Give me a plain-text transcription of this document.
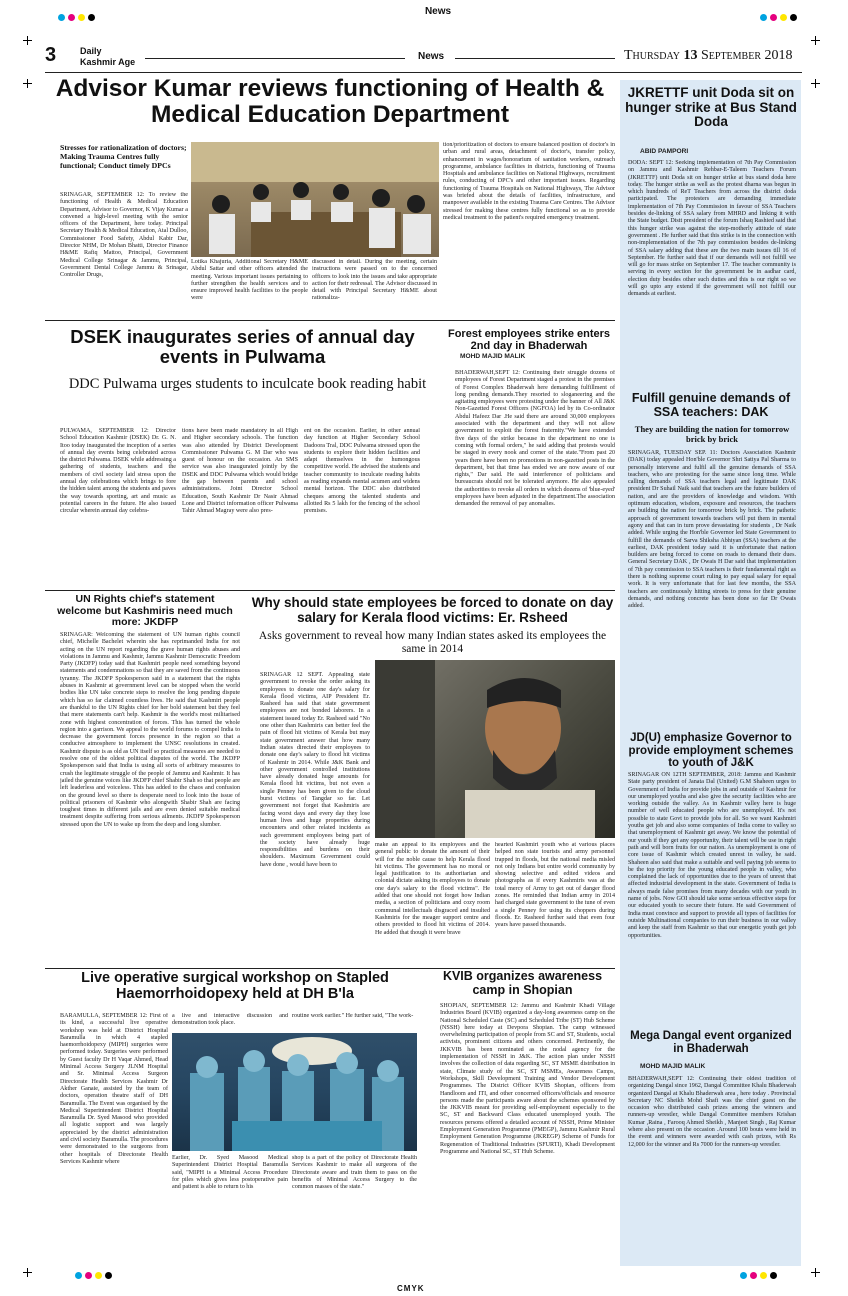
News
3	Daily
Kashmir Age	News	Thursday 13 September 2018
Advisor Kumar reviews functioning of Health & Medical Education Department
Stresses for rationalization of doctors; Making Trauma Centres fully functional; Conduct timely DPCs
SRINAGAR, SEPTEMBER 12: To review the functioning of Health & Medical Education Department, Advisor to Governor, K Vijay Kumar a convened a high-level meeting with the senior officers of the Department, here today. Principal Secretary Health & Medical Education, Atal Dulloo, Commissioner Food Safety, Abdul Kabir Dar, Director NHM, Dr Mohan Bhatti, Director Finance H&ME Rafiq Mattoo, Principal, Government Medical College Srinagar & Jammu, Principal, Government Dental College Jammu & Srinagar, Controller Drugs,
Lotika Khajuria, Additional Secretary H&ME Abdul Sattar and other officers attended the meeting. Various important issues pertaining to further strengthen the health services and to ensure improved health facilities to the people were
discussed in detail. During the meeting, certain instructions were passed on to the concerned officers to look into the issues and take appropriate action for their redressal. The Advisor discussed in detail with Principal Secretary H&ME about rationaliza-
tion/prioritization of doctors to ensure balanced position of doctor's in urban and rural areas, detachment of doctor's, transfer policy, enhancement in wages/honorarium of sanitation workers, outreach programme, ambulance facilities in districts, functioning of Trauma Hospitals and ambulance facilities on National Highways, recruitment rules, conducting of DPC's and other important issues. Regarding functioning of Trauma Hospitals on National Highways, The Advisor was briefed about the details of facilities, infrastructure, and manpower available in the existing Trauma Care Centres. The Advisor stressed for making these centres fully functional so as to provide medical treatment to the patient's required emergency treatment.
DSEK inaugurates series of annual day events in Pulwama
DDC Pulwama urges students to inculcate book reading habit
PULWAMA, SEPTEMBER 12: Director School Education Kashmir (DSEK) Dr. G. N. Itoo today inaugurated the inception of a series of annual day events being celebrated across the district Pulwama. DSEK while addressing a gathering of students, teachers and the members of civil society laid stress upon the annual day celebrations which brings to fore the hidden talent among the students and paves the way towards sporting, art and music as potential careers in the future. He also issued circular wherein annual day celebra-
tions have been made mandatory in all High and Higher secondary schools. The function was also attended by District Development Commissioner Pulwama G. M Dar who was guest of honour on the occasion. An SMS service was also inaugurated jointly by the DSEK and DDC Pulwama which would bridge the gap between parents and school administrations. Joint Director School Education, South Kashmir Dr Nasir Ahmad Lone and District information officer Pulwama Tahir Ahmad Magray were also pres-
ent on the occasion. Earlier, in other annual day function at Higher Secondary School Dadoora Tral, DDC Pulwama stressed upon the students to explore their hidden facilities and adapt themselves in the humongous competitive world. He advised the students and teacher community to inculcate reading habits as reading expands mental acumen and widens mental horizon. The DDC also distributed cheques among the talented students and allotted Rs 5 lakh for the fencing of the school premises.
Forest employees strike enters 2nd day in Bhaderwah
MOHD MAJID MALIK
BHADERWAH,SEPT 12: Continuing their struggle dozens of employees of Forest Department staged a protest in the premises of Forest Complex Bhaderwah here demanding fulfillment of long pending demands.They resorted to sloganeering and the agitating employees were protesting under the banner of All J&K Non-Gazetted Forest Officers (NGFOA) led by its Co-ordinator Abdul Hafeez Dar .He said there are around 30,000 employees associated with the department and they will not allow government to exploit the forest fraternity."We have extended five days of the strike because in the department no one is coming with formal orders," he said adding that protests would be staged in every nook and corner of the state."From past 20 years there have been no promotions in non-gazetted posts in the department, but that time has ended we are now aware of our rights," Dar said. He said interference of politicians and bureaucrats should not be tolerated anymore. He also appealed the authorities to revoke all orders in which dozens of 'blue-eyed' employees have been adjusted in the department.The association demanded the removal of pay anomalies.
UN Rights chief's statement welcome but Kashmiris need much more: JKDFP
SRINAGAR: Welcoming the statement of UN human rights council chief, Michelle Bachelet wherein she has reprimanded India for not acting on the UN report regarding the grave human rights abuses and violations in Jammu and Kashmir, Jammu Kashmir Democratic Freedom Party (JKDFP) today said that Kashmiri people need something beyond statements and condemnations so that they are saved from the continuous tyranny. The JKDFP Spokesperson said in a statement that the rights abuses in Kashmir at government level can be stopped when the world bodies like UN take concrete steps to resolve the long pending dispute which has so far claimed countless lives. He said that Kashmiri people are thankful to the UN Rights chief for her bold statement but they feel that mere statements can't help. Kashmir is the world's most militarised zone with highest concentration of forces. This has turned the whole region into a garrison. We appeal to the world forums to compel India to decrease the government forces presence in the region so that a conducive atmosphere to implement the UNSC resolutions in created. Kashmir dispute is as old as UN itself so practical measures are needed to resolve one of the oldest political disputes of the world. The JKDFP Spokesperson said that India is using all sorts of arbitrary measures to crush the legitimate struggle of the people of Jammu and Kashmir. It has jailed the genuine voices like JKDFP chief Shabir Shah so that people are left leaderless and voiceless. This has added to the chaos and confusion on the ground level so there is desperate need to look into the issue of political prisoners of Kashmir who alongwith Shabir Shah are facing toughest times in different jails and are even denied suitable medical treatment despite suffering from serious ailments. JKDFP Spokesperson stressed upon the UN to wake up from the deep and long slumber.
Why should state employees be forced to donate on day salary for Kerala flood victims: Er. Rsheed
Asks government to reveal how many Indian states asked its employees the same in 2014
SRINAGAR 12 SEPT. Appealing state government to revoke the order asking its employees to donate one day's salary for Kerala flood victims, AIP President Er. Rasheed has said that state government employees are not bonded laborers. In a statement issued today Er. Rasheed said "No one other than Kashmiris can better feel the pain of flood hit victims of Kerala but may state government answer that how many Indian states directed their employees to donate one day's salary to flood hit victims of Kashmir in 2014. While J&K Bank and other government controlled institutions have already donated huge amounts for Kerala flood hit victims, but not even a single Penney has been given to the cloud burst victims of Tangdar so far. Let government not forget that Kashmiris are facing worst days and every day they lose human lives and huge properties during encounters and other related incidents as such government employees being part of the society have already huge responsibilities and burdens on their shoulders. Maximum Government could have done , would have been to
make an appeal to its employees and the general public to donate the amount of their will for the noble cause to help Kerala flood hit victims. The government has no moral or legal justification to its authoritarian and colonial dictate asking its employees to donate one day's salary to the flood victims". He added that one should not forget how Indian media, a section of politicians and cozy room communal intellectuals disgraced and insulted Kashmiris for the meager support centre and others provided to flood hit victims of 2014. He added that though it were brave
hearted Kashmiri youth who at various places helped non state tourists and army personnel trapped in floods, but the national media misled not only Indians but entire world community by showing selective and edited videos and photographs as if every Kashmiris was at the total mercy of Army to get out of danger flood zones. He reminded that Indian army in 2014 had charged state government to the tune of even a single Penney for using its choppers during floods. Er. Rasheed further said that even four years have passed thousands.
Live operative surgical workshop on Stapled Haemorrhoidopexy held at DH B'la
BARAMULLA, SEPTEMBER 12: First of its kind, a successful live operative workshop was held at District Hospital Baramulla in which 4 stapled haemorrhoidopexy (MIPH) surgeries were performed today. Surgeries were performed by Guest faculty Dr H Vaqar Ahmed, Head Minimal Access Surgery JLNM Hospital and Sr. Minimal Access Surgeon Directorate Health Services Kashmir Dr Akther Ganaie, assisted by the team of doctors, operation theatre staff of DH Baramulla. The Event was organised by the Medical Superintendent District Hospital Baramulla Dr. Syed Masood who provided all logistic support and was largely appreciated by the district administration and civil society Baramulla. The procedures were demonstrated to the surgeons from other hospitals of Directorate Health Services Kashmir where
a live and interactive discussion and demonstration took place.
routine work earlier." He further said, "The work-
Earlier, Dr. Syed Masood Medical Superintendent District Hospital Baramulla said, "MIPH is a Minimal Access Procedure for piles which gives less postoperative pain and patient is able to return to his
shop is a part of the policy of Directorate Health Services Kashmir to make all surgeons of the Directorate aware and train them to pass on the benefits of Minimal Access Surgery to the common masses of the state."
KVIB organizes awareness camp in Shopian
SHOPIAN, SEPTEMBER 12: Jammu and Kashmir Khadi Village Industries Board (KVIB) organized a day-long awareness camp on the National Scheduled Caste (SC) and Scheduled Tribe (ST) Hub Scheme (NSSH) here today at Devpora Shopian. The camp witnessed overwhelming participation of people from SC and ST, Students, social activists, prominent citizens and others concerned. Pertinently, the JKKVIB has been nominated as the nodal agency for the implementation of NSSH in J&K. The action plan under NSSH involves the collection of data regarding SC, ST MSME distribution in state, Climate study of the SC, ST MSMEs, Awareness Camps, Workshops, Skill Development Training and Vendor Development Programmes. The District Officer KVIB Shopian, officers from Handloom and ITI, and other concerned officers/officials and resource persons made the participants aware about the schemes sponsored by the JKKVIB meant for providing self-employment especially to the SC, ST and Backward Class educated unemployed youth. The resources persons offered a detailed account of NSSH, Prime Minister Employment Generation Programme (PMEGP), Jammu Kashmir Rural Employment Generation Programme (JKREGP) Scheme of Funds for Regeneration of Traditional Industries (SFURTI), Khadi Development Programme and National SC, ST Hub Scheme.
JKRETTF unit Doda sit on hunger strike at Bus Stand Doda
ABID PAMPORI
DODA: SEPT 12: Seeking implementation of 7th Pay Commission on Jammu and Kashmir Rehbar-E-Taleem Teachers Forum (JKRETTF) unit Doda sit on hunger strike at bus stand doda here today. The hunger strike as well as the protest dharna was begun in which hundreds of ReT Teachers from across the district doda participated. The protesters are demanding immediate implementation of 7th Pay Commission in favour of SSA Teachers besides de-linking of SSA salary from MHRD and linking it with the State budget. Distt president of the forum Ishaq Rashied said that this hunger strike was against the step-motherly attitude of state government . He further said that this strike is in the connection with non-implementation of the 7th pay commission besides de-linking of SSA salary adding that these are the two main issues till 16 of September. He further said that if our demands will not fulfill we will go for mass strike on September 17. The teacher community is serving in every section for the government be in aadhar card, election duty besides other such duties and this is our right so we will go upto any extend if the government will not fulfill our demands at earliest.
Fulfill genuine demands of SSA teachers: DAK
They are building the nation for tomorrow brick by brick
SRINAGAR, TUESDAY SEP. 11: Doctors Association Kashmir (DAK) today appealed Hon'ble Governor Shri Satiya Pal Sharma to personally intervene and fulfil all the genuine demands of SSA teachers, who are protesting for the same since long time. While calling demands of SSA teachers legal and legitimate DAK president Dr Suhail Naik said that teachers are the future builders of nation, and are the providers of knowledge and wisdom. With optimum education, wisdom, exposure and resources, the teachers are building the nation for tomorrow brick by brick. The pathetic approach of government towards teachers will put them in mental agony and that can in turn prove devastating for students , Dr Naik added. While urging the Hon'ble Governor led State Government to fulfill the demands of Sarva Shiksha Abhiyan (SSA) teachers at the earliest, DAK president today said it is unfortunate that nation builders are being forced to come on roads to demand their dues. General Secretary DAK , Dr Owais H Dar said that implementation of 7th pay commission to SSA teachers is their fundamental right as there is nothing supreme court ruling to pay equal salary for equal work. It is very unfortunate that for last few months, the SSA teachers are continuously hitting streets to press for their genuine demands, and nothing concrete has been done so far Dr Owais added.
JD(U) emphasize Governor to provide employment schemes to youth of J&K
SRINAGAR ON 12TH SEPTEMBER, 2018: Jammu and Kashmir State party president of Janata Dal (United) G.M Shaheen urges to Government of India for provide jobs in and outside of Kashmir for our unemployed youths and also give the security facilities who are working outside the valley. As in Kashmir valley here is huge number of well educated people who are unemployed. It's not possible to state Govt to provide jobs for all. So we want Kashmiri youths get job and also some companies of India come to valley so that unemployment of Kashmir get away. We know the potential of our youth if they get any opportunity, their talent will be use in right path and will born fruits for our nation. As unemployment is one of core issue of Kashmir which created unrest in valley, he said. Shaheen also said that make a suitable and well paying job seems to be the top priority for the young educated people in valley, who complained the lack of opportunities due to the years of unrest that affected industrial development in the state. Government of India is always made false promises from many decades with our youth in name of jobs. Now GOI should take some serious effective steps for our educated youth to secure their future. He said Government of India must convince and support to provide all types of facilities for outside Multinational companies to run their business in our valley and keep the staff from Kashmir so that our energetic youth get job opportunities.
Mega Dangal event organized in Bhaderwah
MOHD MAJID MALIK
BHADERWAH,SEPT 12: Continuing their oldest tradition of organizing Dangal since 1962, Dangal Committee Khalu Bhaderwah organized Dangal at Khalu Bhaderwah area , here today . Provincial Secretary NC Sheikh Mohd Shafi was the chief guest on the occasion who distributed cash prizes among the winners and runners-up wrestler, while Dangal Committee members Krishan Kumar ,Raina , Farooq Ahmed Sheikh , Manjeet Singh , Raj Kumar where also present on the occasion .Around 100 bouts were held in the event and winners were awarded with cash prizes, with Rs 12,000 for the winner and Rs 7000 for the runners-up wrestler.
CMYK
